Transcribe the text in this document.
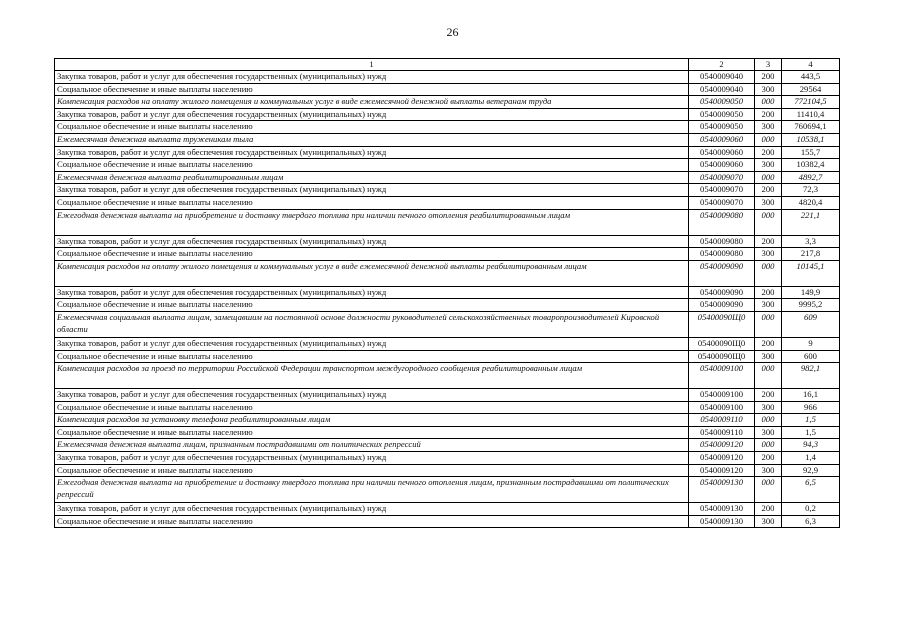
26
1	2	3	4
Закупка товаров, работ и услуг для обеспечения государственных (муниципальных) нужд	0540009040	200	443,5
Социальное обеспечение и иные выплаты населению	0540009040	300	29564
Компенсация расходов на оплату жилого помещения и коммунальных услуг в виде ежемесячной денежной выплаты ветеранам труда	0540009050	000	772104,5
Закупка товаров, работ и услуг для обеспечения государственных (муниципальных) нужд	0540009050	200	11410,4
Социальное обеспечение и иные выплаты населению	0540009050	300	760694,1
Ежемесячная денежная выплата труженикам тыла	0540009060	000	10538,1
Закупка товаров, работ и услуг для обеспечения государственных (муниципальных) нужд	0540009060	200	155,7
Социальное обеспечение и иные выплаты населению	0540009060	300	10382,4
Ежемесячная денежная выплата реабилитированным лицам	0540009070	000	4892,7
Закупка товаров, работ и услуг для обеспечения государственных (муниципальных) нужд	0540009070	200	72,3
Социальное обеспечение и иные выплаты населению	0540009070	300	4820,4
Ежегодная денежная выплата на приобретение и доставку твердого топлива при наличии печного отопления реабилитированным лицам	0540009080	000	221,1
Закупка товаров, работ и услуг для обеспечения государственных (муниципальных) нужд	0540009080	200	3,3
Социальное обеспечение и иные выплаты населению	0540009080	300	217,8
Компенсация расходов на оплату жилого помещения и коммунальных услуг в виде ежемесячной денежной выплаты реабилитированным лицам	0540009090	000	10145,1
Закупка товаров, работ и услуг для обеспечения государственных (муниципальных) нужд	0540009090	200	149,9
Социальное обеспечение и иные выплаты населению	0540009090	300	9995,2
Ежемесячная социальная выплата лицам, замещавшим на постоянной основе должности руководителей сельскохозяйственных товаропроизводителей Кировской области	05400090Щ0	000	609
Закупка товаров, работ и услуг для обеспечения государственных (муниципальных) нужд	05400090Щ0	200	9
Социальное обеспечение и иные выплаты населению	05400090Щ0	300	600
Компенсация расходов за проезд по территории Российской Федерации транспортом междугородного сообщения реабилитированным лицам	0540009100	000	982,1
Закупка товаров, работ и услуг для обеспечения государственных (муниципальных) нужд	0540009100	200	16,1
Социальное обеспечение и иные выплаты населению	0540009100	300	966
Компенсация расходов за установку телефона реабилитированным лицам	0540009110	000	1,5
Социальное обеспечение и иные выплаты населению	0540009110	300	1,5
Ежемесячная денежная выплата лицам, признанным пострадавшими от политических репрессий	0540009120	000	94,3
Закупка товаров, работ и услуг для обеспечения государственных (муниципальных) нужд	0540009120	200	1,4
Социальное обеспечение и иные выплаты населению	0540009120	300	92,9
Ежегодная денежная выплата на приобретение и доставку твердого топлива при наличии печного отопления лицам, признанным пострадавшими от политических репрессий	0540009130	000	6,5
Закупка товаров, работ и услуг для обеспечения государственных (муниципальных) нужд	0540009130	200	0,2
Социальное обеспечение и иные выплаты населению	0540009130	300	6,3
